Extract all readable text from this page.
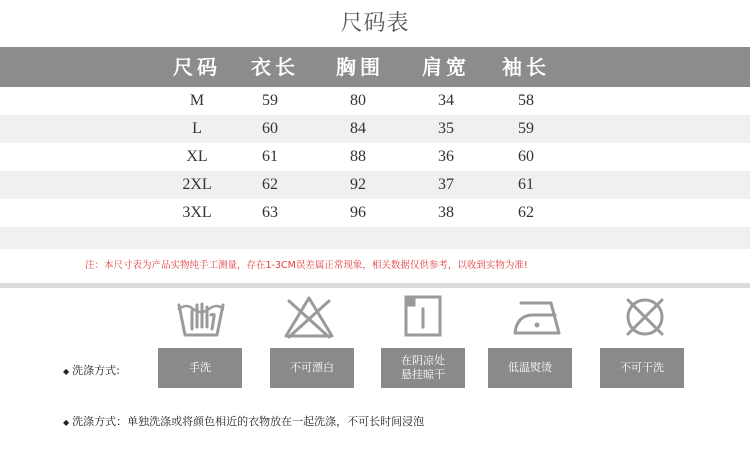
尺码表
尺码 衣长 胸围 肩宽 袖长
M	59	80	34	58
L	60	84	35	59
XL	61	88	36	60
2XL	62	92	37	61
3XL	63	96	38	62
注：本尺寸表为产品实物纯手工测量，存在1-3CM误差属正常现象，相关数据仅供参考，以收到实物为准!
◆ 洗涤方式:	手洗	不可漂白
在阴凉处
悬挂晾干
低温熨烫	不可干洗
◆ 洗涤方式：单独洗涤或将颜色相近的衣物放在一起洗涤，不可长时间浸泡
